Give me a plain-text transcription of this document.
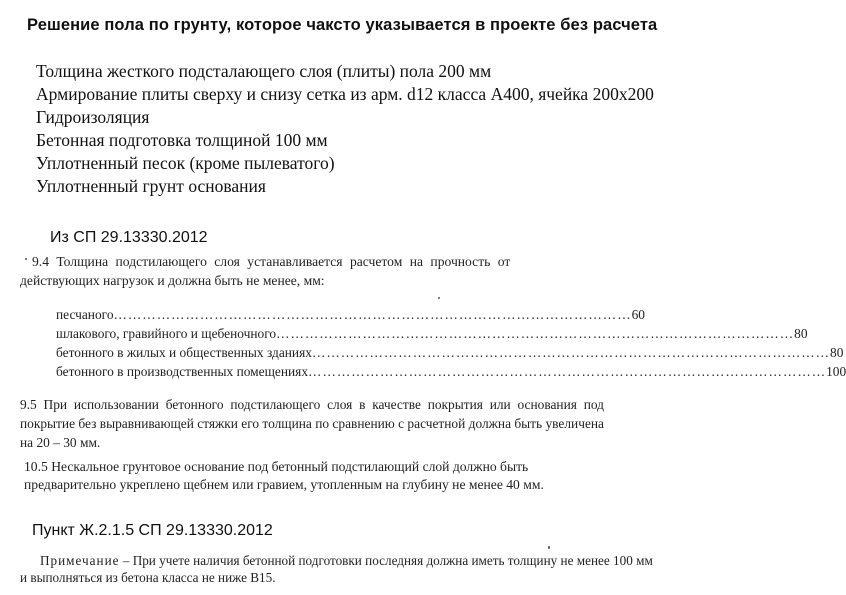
Решение пола по грунту, которое чаксто указывается в проекте без расчета
Толщина жесткого подсталающего слоя (плиты) пола 200 мм
Армирование плиты сверху и снизу сетка из арм. d12 класса А400, ячейка 200х200
Гидроизоляция
Бетонная подготовка толщиной 100 мм
Уплотненный песок (кроме пылеватого)
Уплотненный грунт основания
Из СП 29.13330.2012
9.4 Толщина подстилающего слоя устанавливается расчетом на прочность от
действующих нагрузок и должна быть не менее, мм:
песчаного ……………………………………………………………………………………………… 60
шлакового, гравийного и щебеночного ……………………………………………………………………………………………… 80
бетонного в жилых и общественных зданиях ……………………………………………………………………………………………… 80
бетонного в производственных помещениях ……………………………………………………………………………………………… 100
9.5 При использовании бетонного подстилающего слоя в качестве покрытия или основания под покрытие без выравнивающей стяжки его толщина по сравнению с расчетной должна быть увеличена на 20 – 30 мм.
10.5 Нескальное грунтовое основание под бетонный подстилающий слой должно быть предварительно укреплено щебнем или гравием, утопленным на глубину не менее 40 мм.
Пункт Ж.2.1.5 СП 29.13330.2012
Примечание – При учете наличия бетонной подготовки последняя должна иметь толщину не менее 100 мм и выполняться из бетона класса не ниже В15.
